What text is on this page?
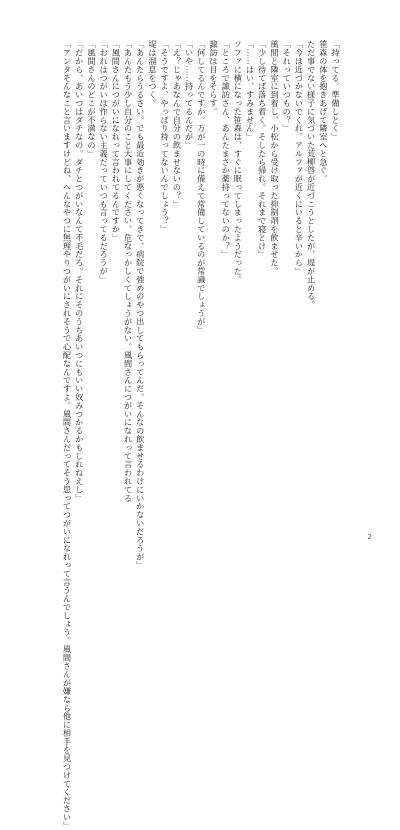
「持ってる。準備しとく」

笹森の体を抱きあげて隣室へと急ぐ。

ただ事でない様子に気づいた荒柳啓が近づこうとしたが、堤が止める。

「今は近づかないでくれ。アルファが近くにいると辛いから」

「それっていつもの？」

風間と隣室に到着し、小松から受け取った抑制剤を飲ませた。

「少し待てば落ち着く。そしたら帰れ。それまで寝とけ」

「……はい、すみません」

ソファに横になった笹森は、すぐに眠ってしまったようだった。

「ところで諏訪さん、あんたまさか薬持ってないのか？」

諏訪は目をそらす。

「何してるんですか。万が一の時に備えて常備しているのが常識でしょうが」

「いや……持ってるんだが」

「え？じゃあなんで自分の飲ませないの？」

「そうですよ、やっぱり持ってないんでしょう？」

堤は溜息をつく。

「あんたらうるさい。でも最近効きが悪くなってきて、病院で強めのやつ出してもらってんだ。そんなの飲ませるわけにいかないだろうが」

「あんたもう少し自分のこと大事にしてください。危なっかしくてしょうがない。風間さんにつがいになれって言われてる

「風間さんにつがいになれって言われてるんですか」

「おれはつがいは作らない主義だっていつも言ってるだろうが」

「風間さんのどこが不満なの」

「だから、あいつはダチなの。ダチとつがいなんて不毛だろ。それにそのうちあいつにもいい奴みつかるかもしれねえし」

「アンタそんなこと言いますけどね、へんなやつに無理やりつがいにされそうで心配なんですよ。風間さんだってそう思ってつがいになれって言うんでしょう。風間さんが嫌なら他に相手を見つけてください」	2
